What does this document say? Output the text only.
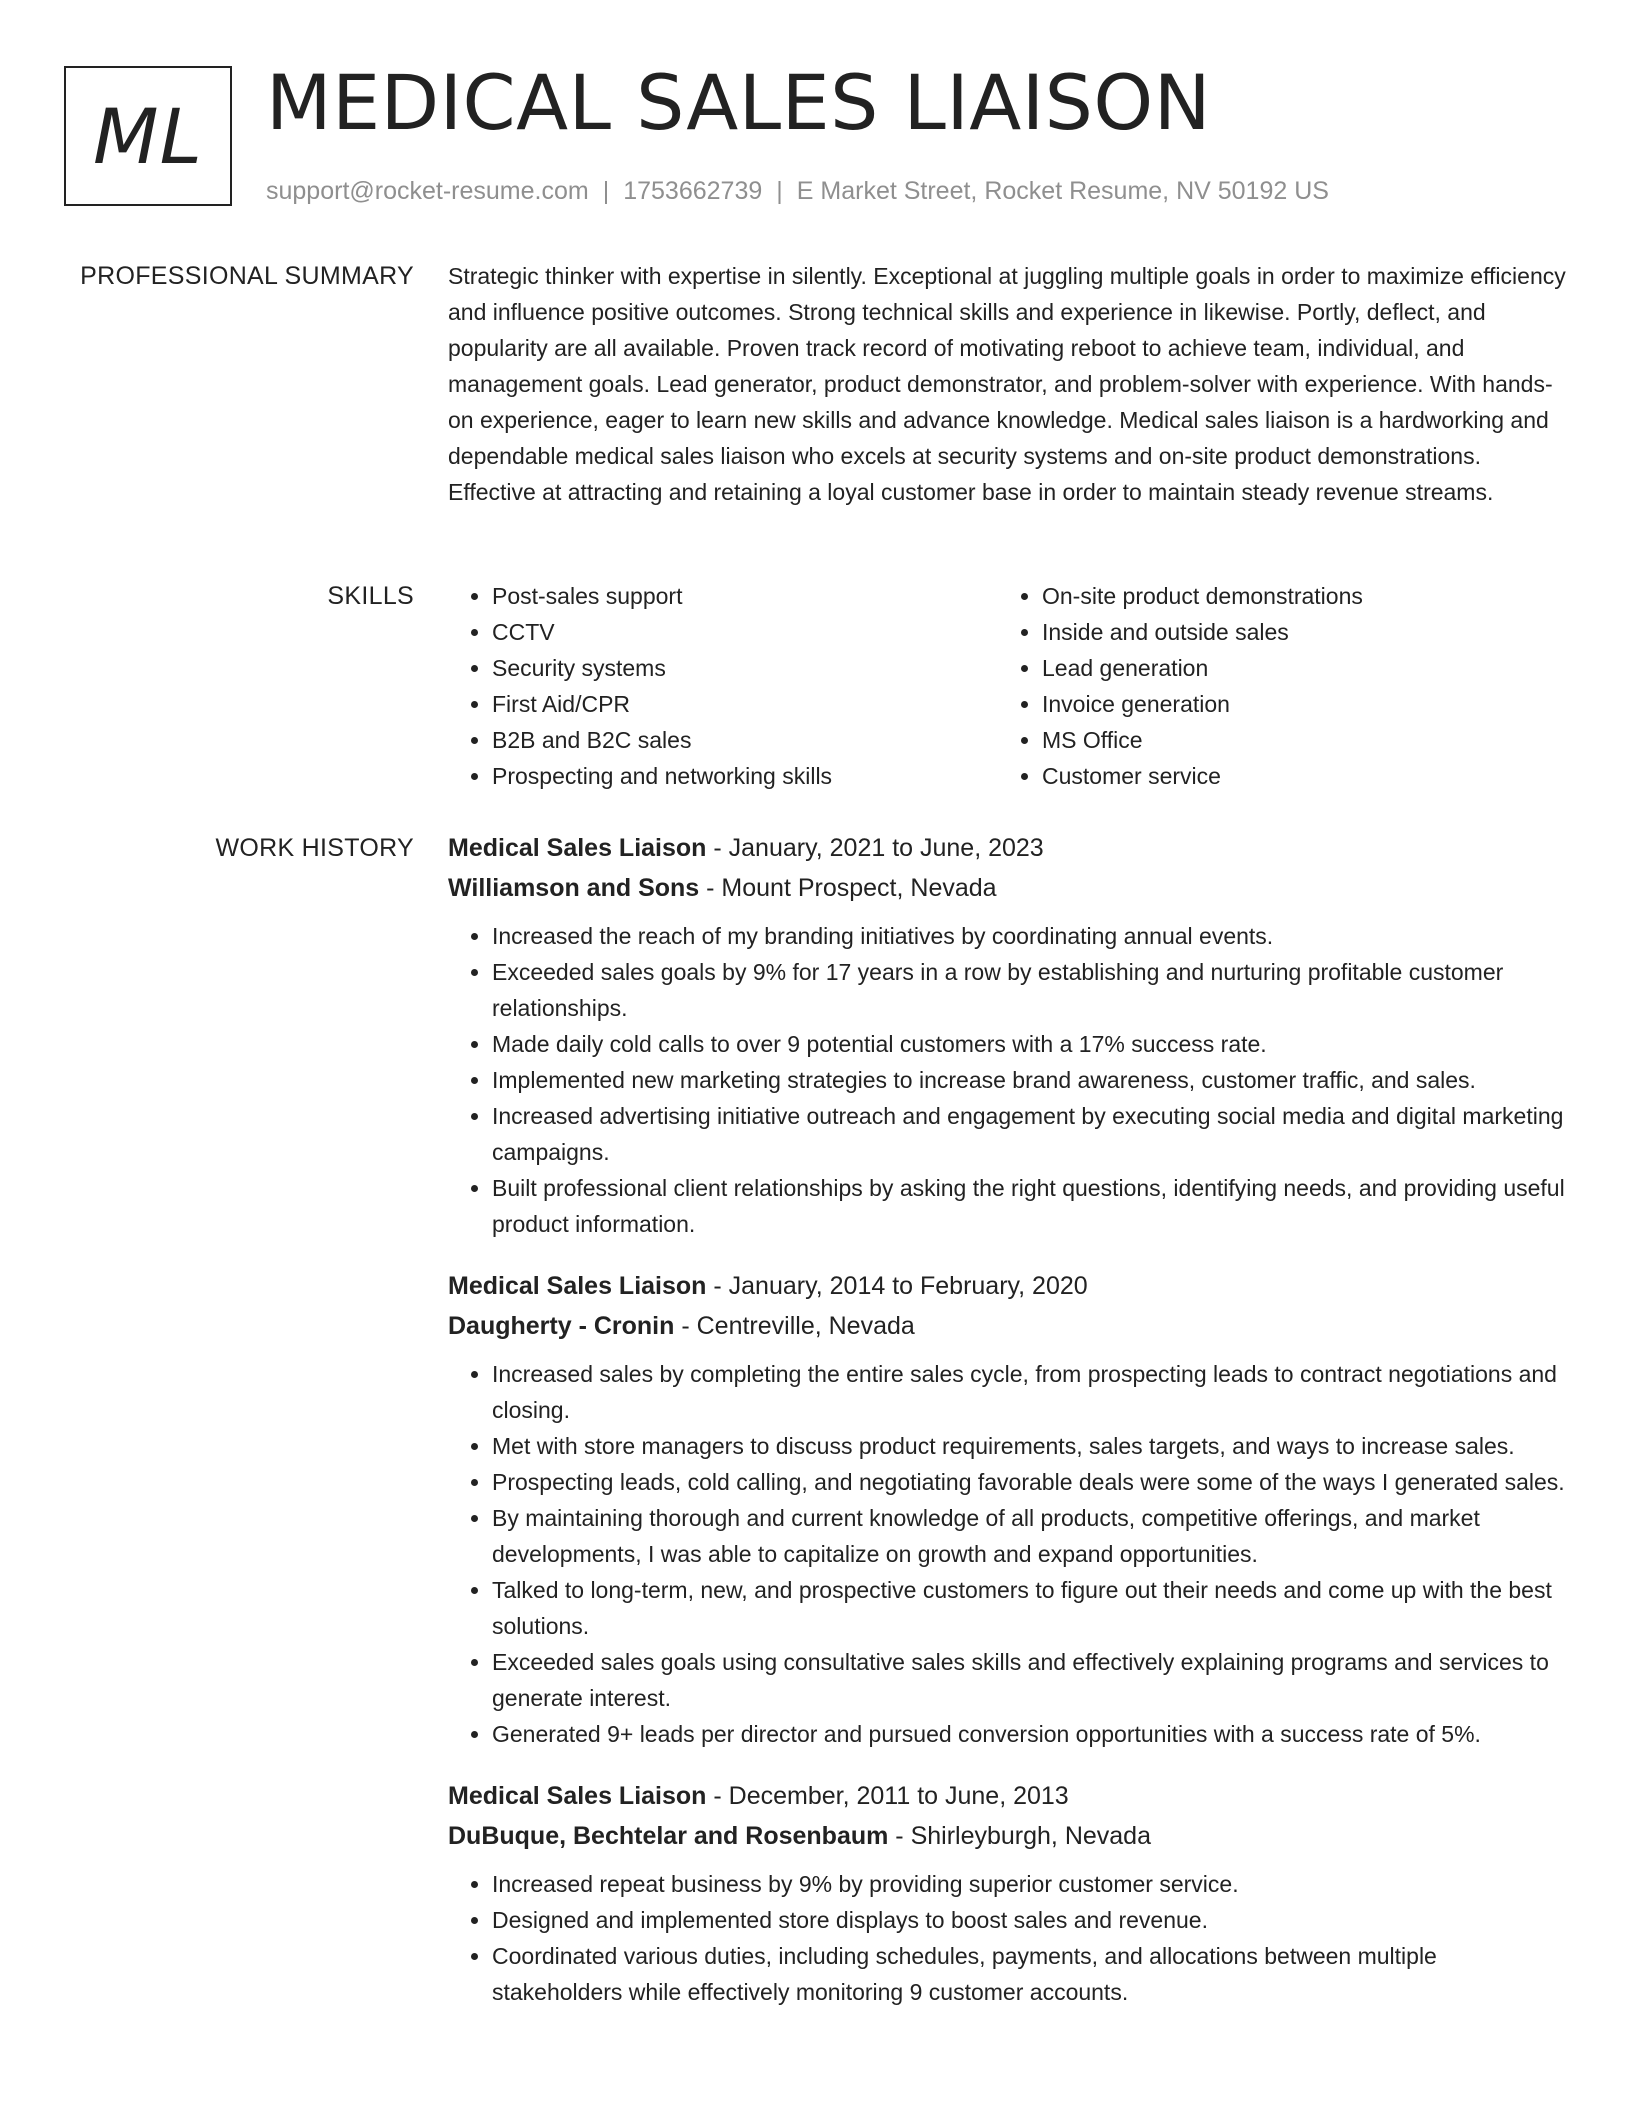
ML MEDICAL SALES LIAISON
support@rocket-resume.com | 1753662739 | E Market Street, Rocket Resume, NV 50192 US
PROFESSIONAL SUMMARY Strategic thinker with expertise in silently. Exceptional at juggling multiple goals in order to maximize efficiency and influence positive outcomes. Strong technical skills and experience in likewise. Portly, deflect, and popularity are all available. Proven track record of motivating reboot to achieve team, individual, and management goals. Lead generator, product demonstrator, and problem-solver with experience. With hands-on experience, eager to learn new skills and advance knowledge. Medical sales liaison is a hardworking and dependable medical sales liaison who excels at security systems and on-site product demonstrations. Effective at attracting and retaining a loyal customer base in order to maintain steady revenue streams.

SKILLS
•	Post-sales support
• CCTV
• Security systems
• First Aid/CPR
• B2B and B2C sales
• Prospecting and networking skills
• On-site product demonstrations
• Inside and outside sales
• Lead generation
• Invoice generation
• MS Office
• Customer service
WORK HISTORY Medical Sales Liaison - January, 2021 to June, 2023
Williamson and Sons - Mount Prospect, Nevada
• Increased the reach of my branding initiatives by coordinating annual events.
• Exceeded sales goals by 9% for 17 years in a row by establishing and nurturing profitable customer relationships.
• Made daily cold calls to over 9 potential customers with a 17% success rate.
• Implemented new marketing strategies to increase brand awareness, customer traffic, and sales.
• Increased advertising initiative outreach and engagement by executing social media and digital marketing campaigns.
• Built professional client relationships by asking the right questions, identifying needs, and providing useful product information.
Medical Sales Liaison - January, 2014 to February, 2020
Daugherty - Cronin - Centreville, Nevada
• Increased sales by completing the entire sales cycle, from prospecting leads to contract negotiations and closing.
• Met with store managers to discuss product requirements, sales targets, and ways to increase sales.
• Prospecting leads, cold calling, and negotiating favorable deals were some of the ways I generated sales.
• By maintaining thorough and current knowledge of all products, competitive offerings, and market developments, I was able to capitalize on growth and expand opportunities.
• Talked to long-term, new, and prospective customers to figure out their needs and come up with the best solutions.
• Exceeded sales goals using consultative sales skills and effectively explaining programs and services to generate interest.
• Generated 9+ leads per director and pursued conversion opportunities with a success rate of 5%.
Medical Sales Liaison - December, 2011 to June, 2013
DuBuque, Bechtelar and Rosenbaum - Shirleyburgh, Nevada
• Increased repeat business by 9% by providing superior customer service.
• Designed and implemented store displays to boost sales and revenue.
• Coordinated various duties, including schedules, payments, and allocations between multiple stakeholders while effectively monitoring 9 customer accounts.
